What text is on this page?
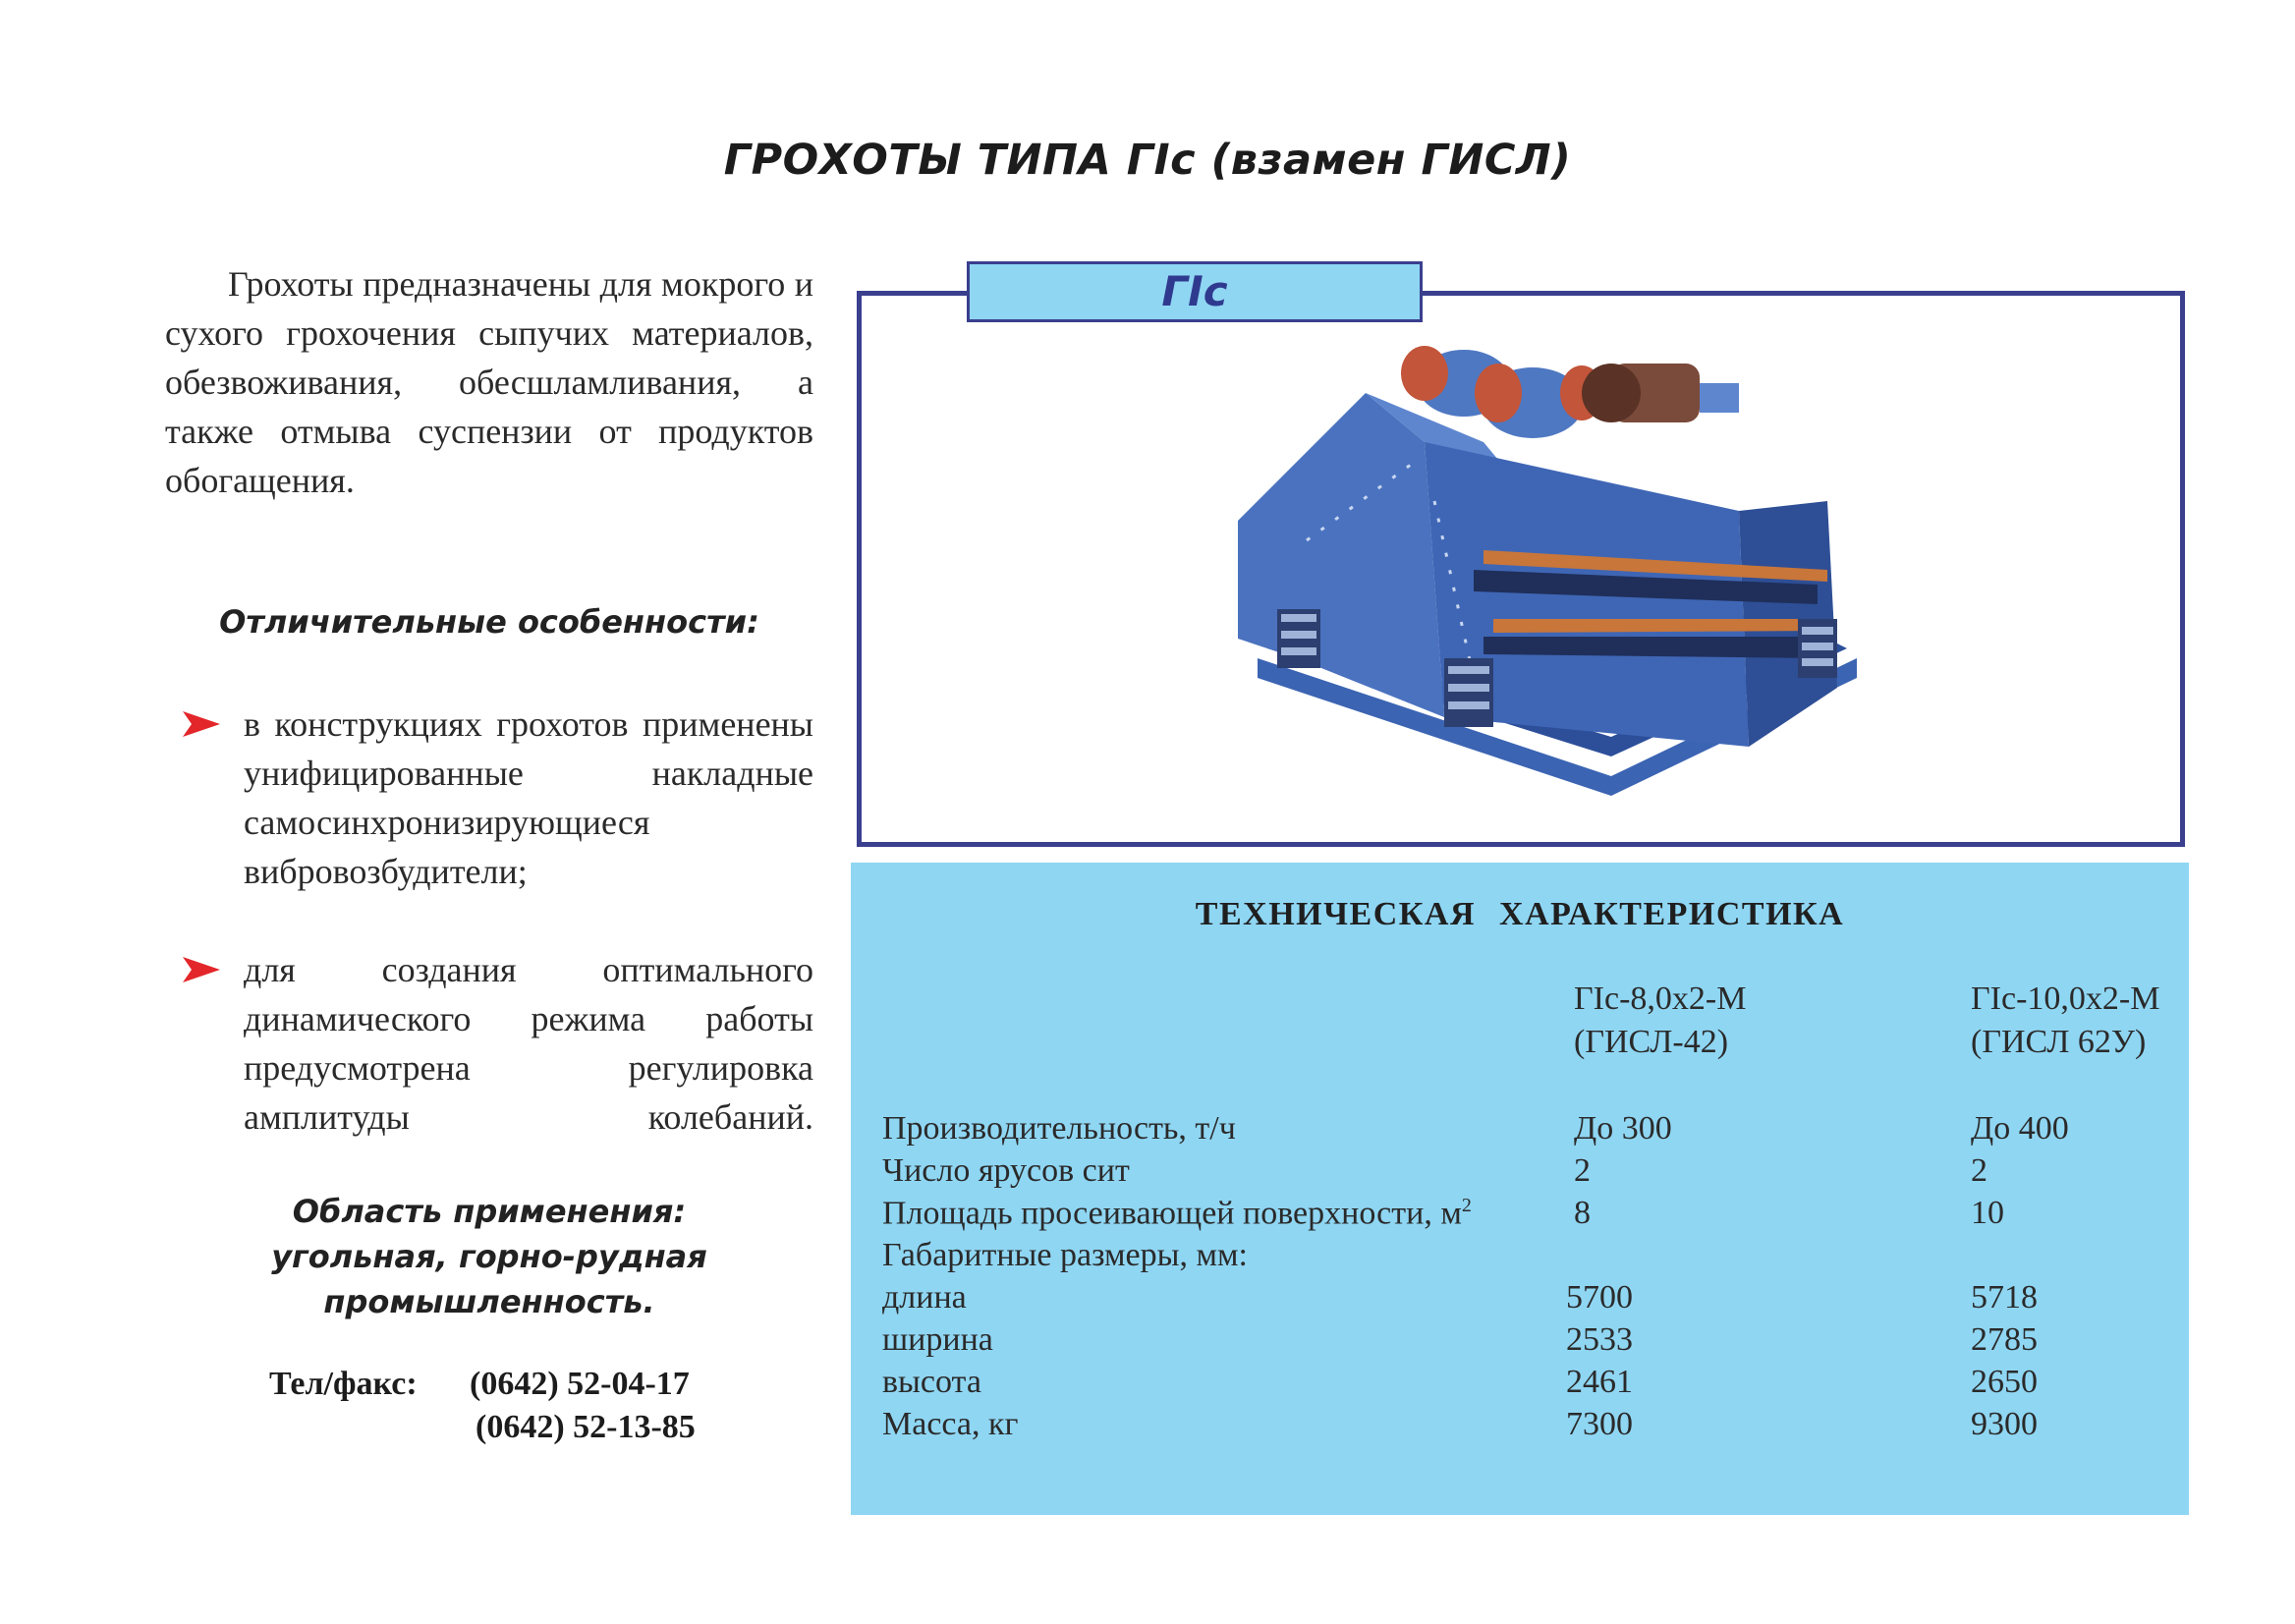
ГРОХОТЫ ТИПА ГIс (взамен ГИСЛ)
Грохоты предназначены для мокрого и сухого грохочения сыпучих материалов, обезвоживания, обесшламливания, а также отмыва суспензии от продуктов обогащения.
Отличительные особенности:
в конструкциях грохотов применены унифицированные накладные самосинхронизирующиеся вибровозбудители;
для создания оптимального динамического режима работы предусмотрена регулировка амплитуды колебаний.
Область применения:
угольная, горно-рудная
промышленность.
Тел/факс: (0642) 52-04-17
(0642) 52-13-85
ГIс
ТЕХНИЧЕСКАЯ ХАРАКТЕРИСТИКА
ГIс-8,0х2-М
(ГИСЛ-42)
ГIс-10,0х2-М
(ГИСЛ 62У)
Производительность, т/ч	До 300	До 400
Число ярусов сит	2	2
Площадь просеивающей поверхности, $м^2$	8	10
Габаритные размеры, мм:
длина	5700	5718
ширина	2533	2785
высота	2461	2650
Масса, кг	7300	9300
